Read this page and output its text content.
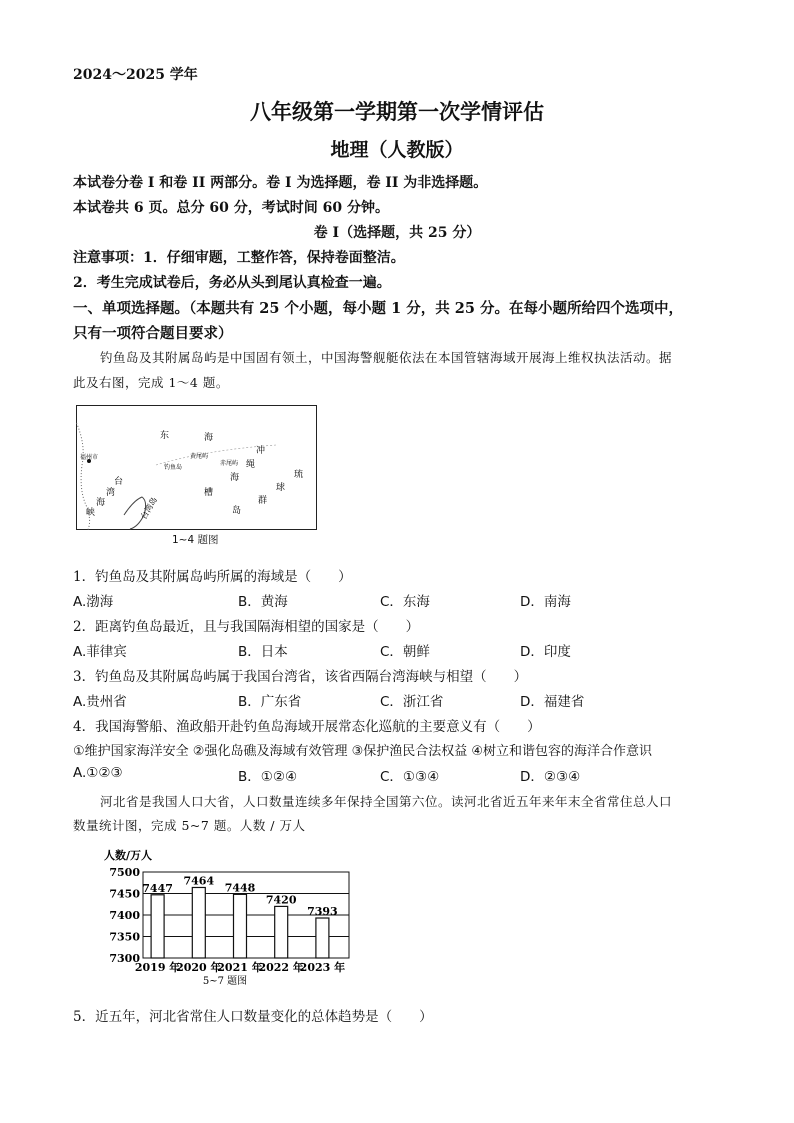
2024～2025 学年
八年级第一学期第一次学情评估
地理（人教版）
本试卷分卷 I 和卷 II 两部分。卷 I 为选择题，卷 II 为非选择题。
本试卷共 6 页。总分 60 分，考试时间 60 分钟。
卷 I（选择题，共 25 分）
注意事项：1．仔细审题，工整作答，保持卷面整洁。
2．考生完成试卷后，务必从头到尾认真检查一遍。
一、单项选择题。（本题共有 25 个小题，每小题 1 分，共 25 分。在每小题所给四个选项中，
只有一项符合题目要求）
钓鱼岛及其附属岛屿是中国固有领土，中国海警舰艇依法在本国管辖海域开展海上维权执法活动。据
此及右图，完成 1～4 题。
福州市
东	海
冲
黄尾屿
赤尾屿 绳
钓鱼岛
台
湾
海
峡	台湾岛
海
槽
岛
琉
球
群
1~4 题图
1．钓鱼岛及其附属岛屿所属的海域是（　　）
A.渤海	B．黄海	C．东海	D．南海
2．距离钓鱼岛最近，且与我国隔海相望的国家是（　　）
A.菲律宾	B．日本	C．朝鲜	D．印度
3．钓鱼岛及其附属岛屿属于我国台湾省，该省西隔台湾海峡与相望（　　）
A.贵州省	B．广东省	C．浙江省	D．福建省
4．我国海警船、渔政船开赴钓鱼岛海域开展常态化巡航的主要意义有（　　）
①维护国家海洋安全 ②强化岛礁及海域有效管理 ③保护渔民合法权益 ④树立和谐包容的海洋合作意识
A.①②③	B．①②④	C．①③④	D．②③④
河北省是我国人口大省，人口数量连续多年保持全国第六位。读河北省近五年来年末全省常住总人口
数量统计图，完成 5~7 题。人数 / 万人
人数/万人
7500
7450
7400
7350
7300
2019 年
2020 年
2021 年
2022 年
2023 年
5~7 题图
7447
7464
7448
7420
7393
5．近五年，河北省常住人口数量变化的总体趋势是（　　）
